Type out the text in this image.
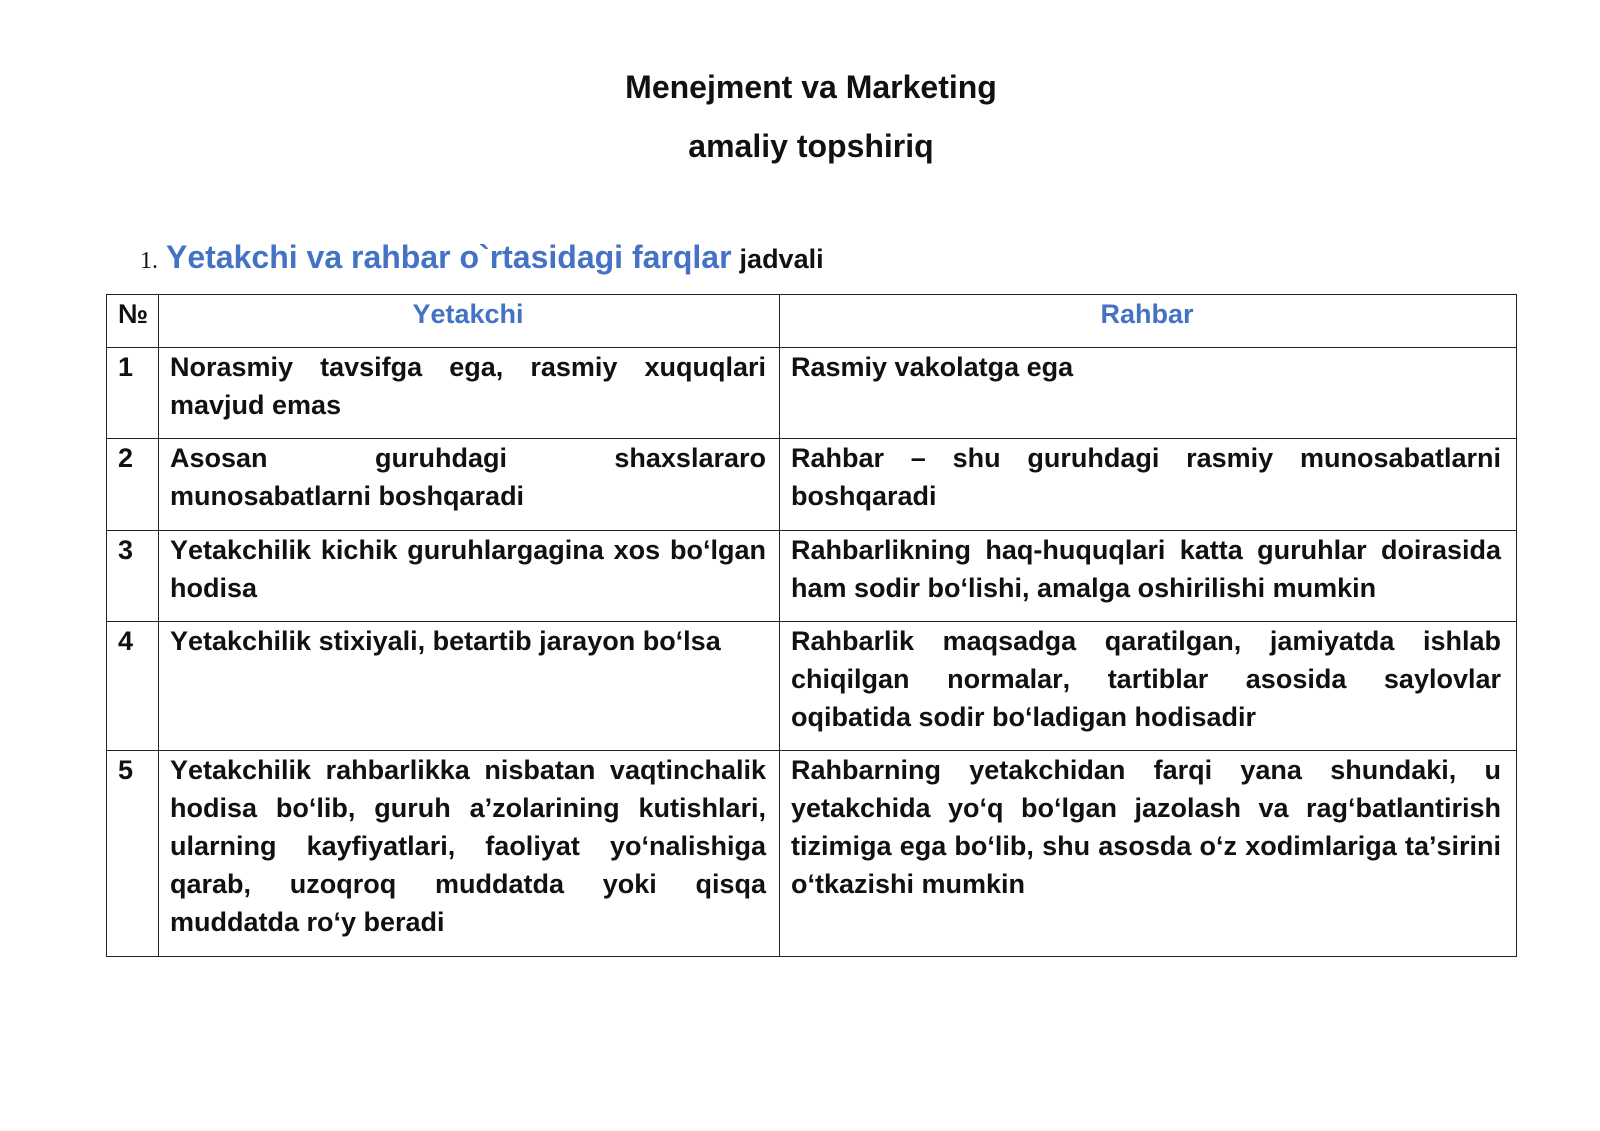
Menejment va Marketing
amaliy topshiriq
1. Yetakchi va rahbar o`rtasidagi farqlar jadvali
№	Yetakchi	Rahbar
1	Norasmiy tavsifga ega, rasmiy xuquqlari mavjud emas	Rasmiy vakolatga ega
2	Asosan guruhdagi shaxslararo munosabatlarni boshqaradi	Rahbar – shu guruhdagi rasmiy munosabatlarni boshqaradi
3	Yetakchilik kichik guruhlargagina xos bo‘lgan hodisa	Rahbarlikning haq-huquqlari katta guruhlar doirasida ham sodir bo‘lishi, amalga oshirilishi mumkin
4	Yetakchilik stixiyali, betartib jarayon bo‘lsa	Rahbarlik maqsadga qaratilgan, jamiyatda ishlab chiqilgan normalar, tartiblar asosida saylovlar oqibatida sodir bo‘ladigan hodisadir
5	Yetakchilik rahbarlikka nisbatan vaqtinchalik hodisa bo‘lib, guruh a’zolarining kutishlari, ularning kayfiyatlari, faoliyat yo‘nalishiga qarab, uzoqroq muddatda yoki qisqa muddatda ro‘y beradi	Rahbarning yetakchidan farqi yana shundaki, u yetakchida yo‘q bo‘lgan jazolash va rag‘batlantirish tizimiga ega bo‘lib, shu asosda o‘z xodimlariga ta’sirini o‘tkazishi mumkin
